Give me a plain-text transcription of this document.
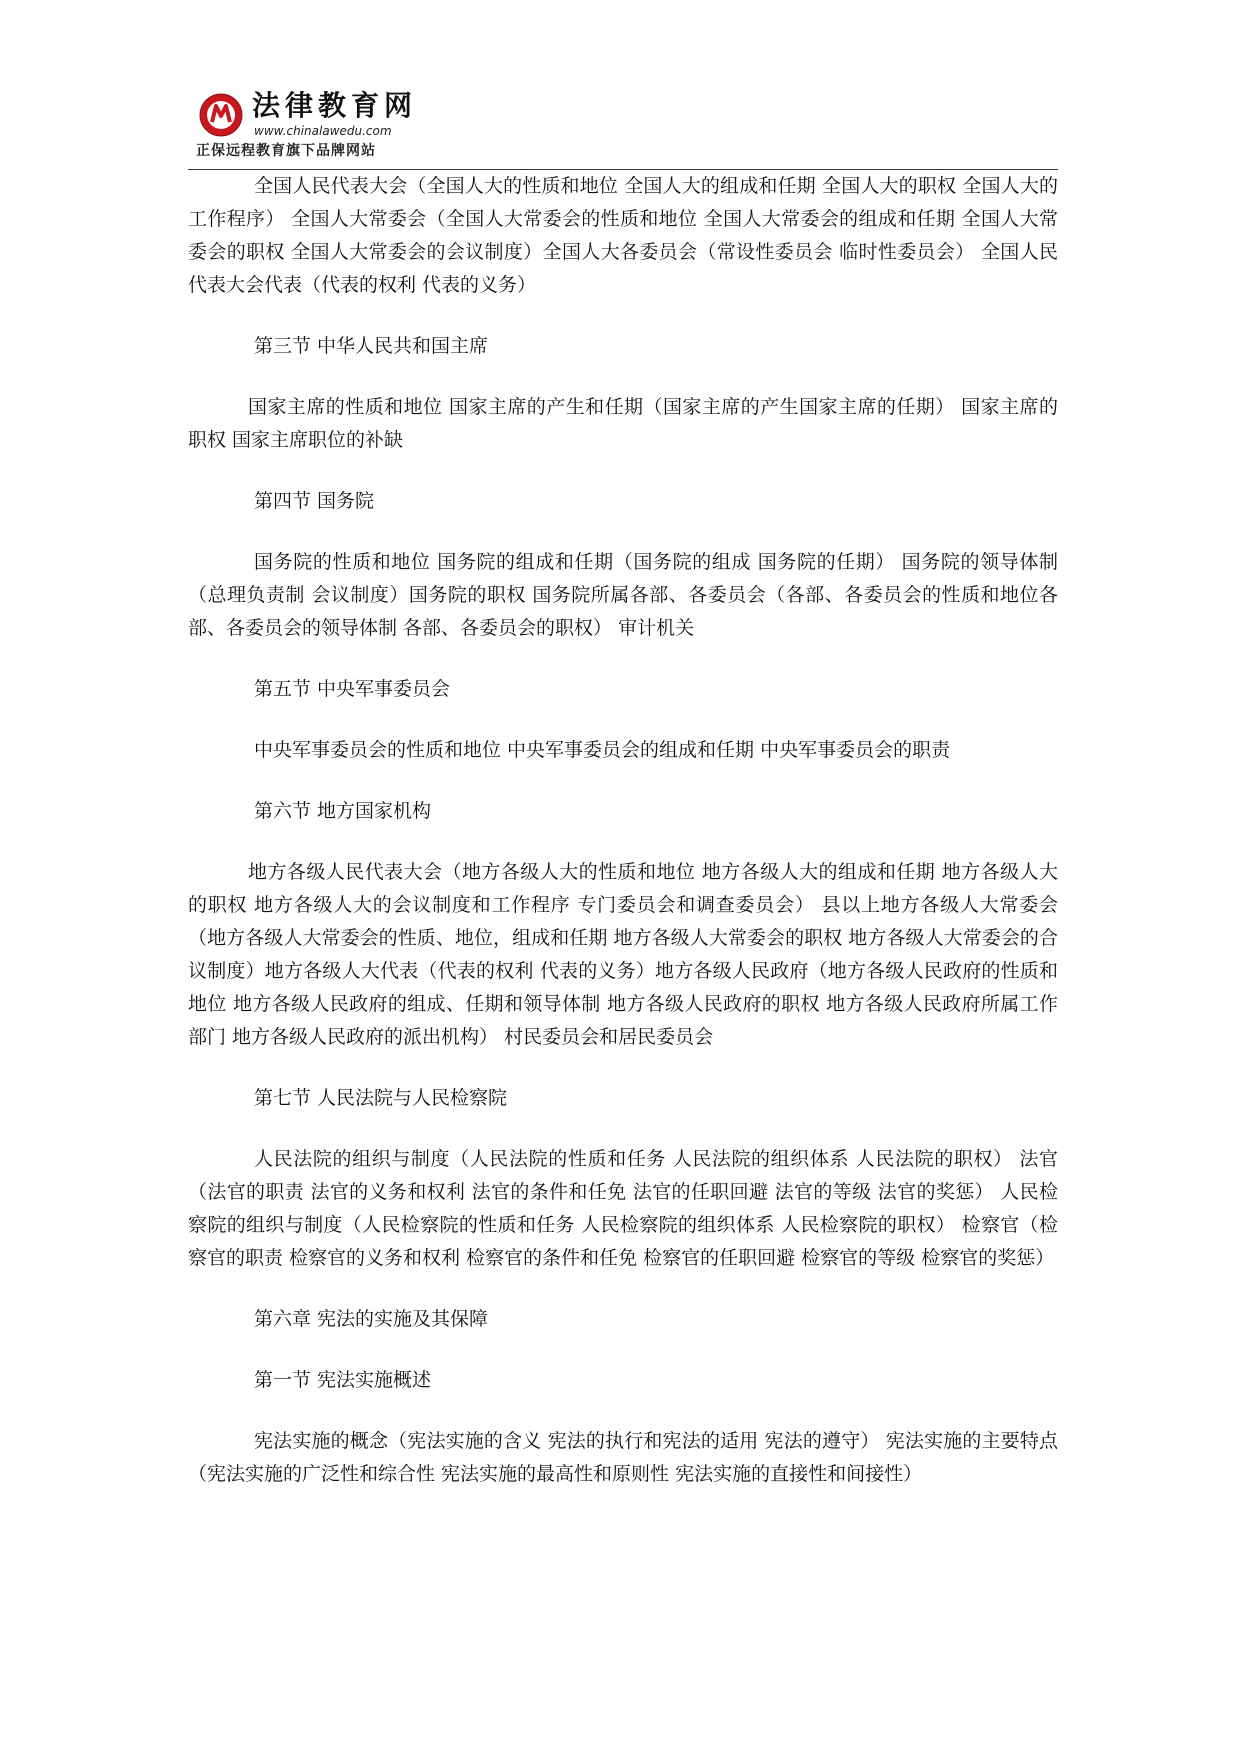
法律教育网
www.chinalawedu.com
正保远程教育旗下品牌网站

全国人民代表大会（全国人大的性质和地位 全国人大的组成和任期 全国人大的职权 全国人大的工作程序） 全国人大常委会（全国人大常委会的性质和地位 全国人大常委会的组成和任期 全国人大常委会的职权 全国人大常委会的会议制度）全国人大各委员会（常设性委员会 临时性委员会） 全国人民代表大会代表（代表的权利 代表的义务）

第三节 中华人民共和国主席

国家主席的性质和地位 国家主席的产生和任期（国家主席的产生国家主席的任期） 国家主席的职权 国家主席职位的补缺

第四节 国务院

国务院的性质和地位 国务院的组成和任期（国务院的组成 国务院的任期） 国务院的领导体制（总理负责制 会议制度）国务院的职权 国务院所属各部、各委员会（各部、各委员会的性质和地位各部、各委员会的领导体制 各部、各委员会的职权） 审计机关

第五节 中央军事委员会

中央军事委员会的性质和地位 中央军事委员会的组成和任期 中央军事委员会的职责

第六节 地方国家机构

地方各级人民代表大会（地方各级人大的性质和地位 地方各级人大的组成和任期 地方各级人大的职权 地方各级人大的会议制度和工作程序 专门委员会和调查委员会） 县以上地方各级人大常委会（地方各级人大常委会的性质、地位，组成和任期 地方各级人大常委会的职权 地方各级人大常委会的合议制度）地方各级人大代表（代表的权利 代表的义务）地方各级人民政府（地方各级人民政府的性质和地位 地方各级人民政府的组成、任期和领导体制 地方各级人民政府的职权 地方各级人民政府所属工作部门 地方各级人民政府的派出机构） 村民委员会和居民委员会

第七节 人民法院与人民检察院

人民法院的组织与制度（人民法院的性质和任务 人民法院的组织体系 人民法院的职权） 法官（法官的职责 法官的义务和权利 法官的条件和任免 法官的任职回避 法官的等级 法官的奖惩） 人民检察院的组织与制度（人民检察院的性质和任务 人民检察院的组织体系 人民检察院的职权） 检察官（检察官的职责 检察官的义务和权利 检察官的条件和任免 检察官的任职回避 检察官的等级 检察官的奖惩）

第六章 宪法的实施及其保障

第一节 宪法实施概述

宪法实施的概念（宪法实施的含义 宪法的执行和宪法的适用 宪法的遵守） 宪法实施的主要特点（宪法实施的广泛性和综合性 宪法实施的最高性和原则性 宪法实施的直接性和间接性）
